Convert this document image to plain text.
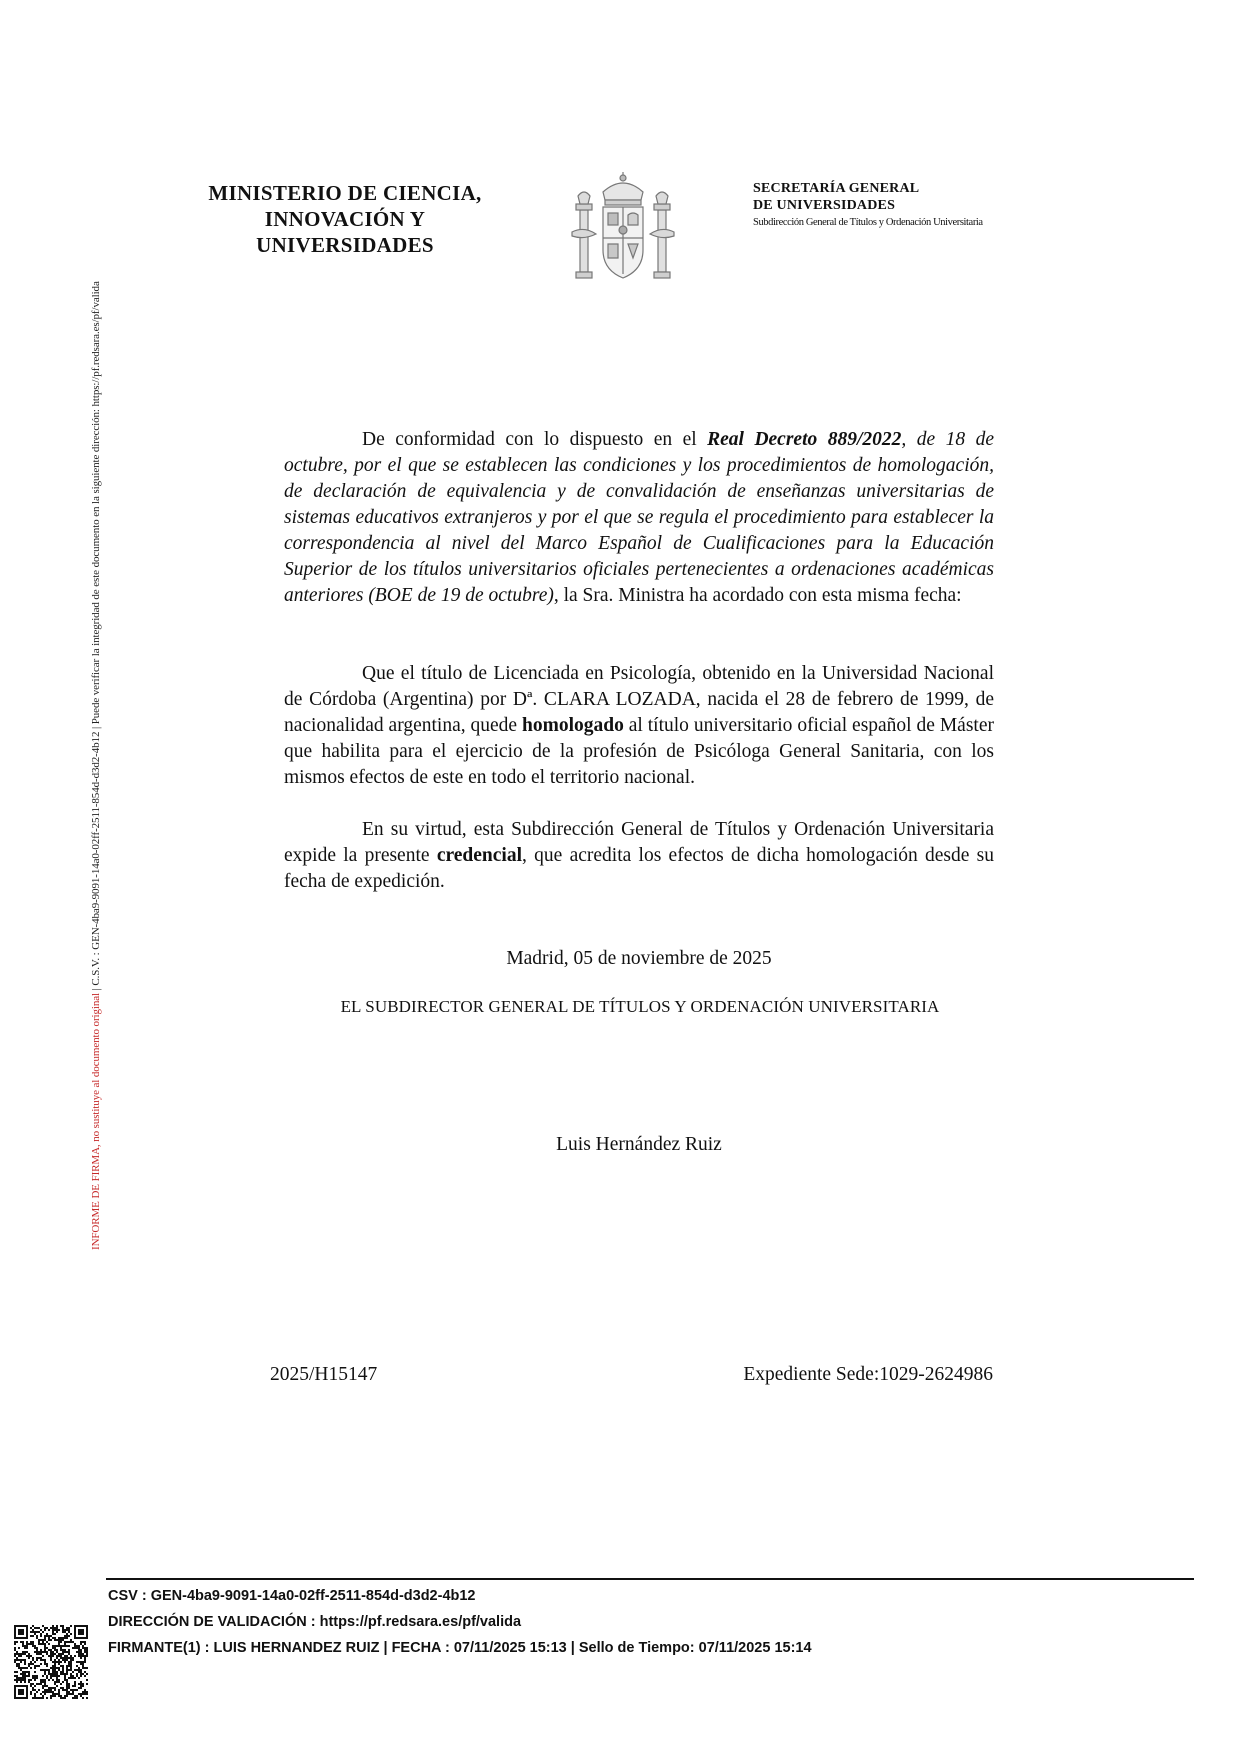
INFORME DE FIRMA, no sustituye al documento original | C.S.V. : GEN-4ba9-9091-14a0-02ff-2511-854d-d3d2-4b12 | Puede verificar la integridad de este documento en la siguiente dirección: https://pf.redsara.es/pf/valida
MINISTERIO DE CIENCIA,
INNOVACIÓN Y
UNIVERSIDADES
SECRETARÍA GENERAL
DE UNIVERSIDADES
Subdirección General de Títulos y Ordenación Universitaria
De conformidad con lo dispuesto en el Real Decreto 889/2022, de 18 de octubre, por el que se establecen las condiciones y los procedimientos de homologación, de declaración de equivalencia y de convalidación de enseñanzas universitarias de sistemas educativos extranjeros y por el que se regula el procedimiento para establecer la correspondencia al nivel del Marco Español de Cualificaciones para la Educación Superior de los títulos universitarios oficiales pertenecientes a ordenaciones académicas anteriores (BOE de 19 de octubre), la Sra. Ministra ha acordado con esta misma fecha:
Que el título de Licenciada en Psicología, obtenido en la Universidad Nacional de Córdoba (Argentina) por Dª. CLARA LOZADA, nacida el 28 de febrero de 1999, de nacionalidad argentina, quede homologado al título universitario oficial español de Máster que habilita para el ejercicio de la profesión de Psicóloga General Sanitaria, con los mismos efectos de este en todo el territorio nacional.
En su virtud, esta Subdirección General de Títulos y Ordenación Universitaria expide la presente credencial, que acredita los efectos de dicha homologación desde su fecha de expedición.
Madrid, 05 de noviembre de 2025
EL SUBDIRECTOR GENERAL DE TÍTULOS Y ORDENACIÓN UNIVERSITARIA
Luis Hernández Ruiz
2025/H15147	Expediente Sede:1029-2624986
CSV : GEN-4ba9-9091-14a0-02ff-2511-854d-d3d2-4b12
DIRECCIÓN DE VALIDACIÓN : https://pf.redsara.es/pf/valida
FIRMANTE(1) : LUIS HERNANDEZ RUIZ | FECHA : 07/11/2025 15:13 | Sello de Tiempo: 07/11/2025 15:14
